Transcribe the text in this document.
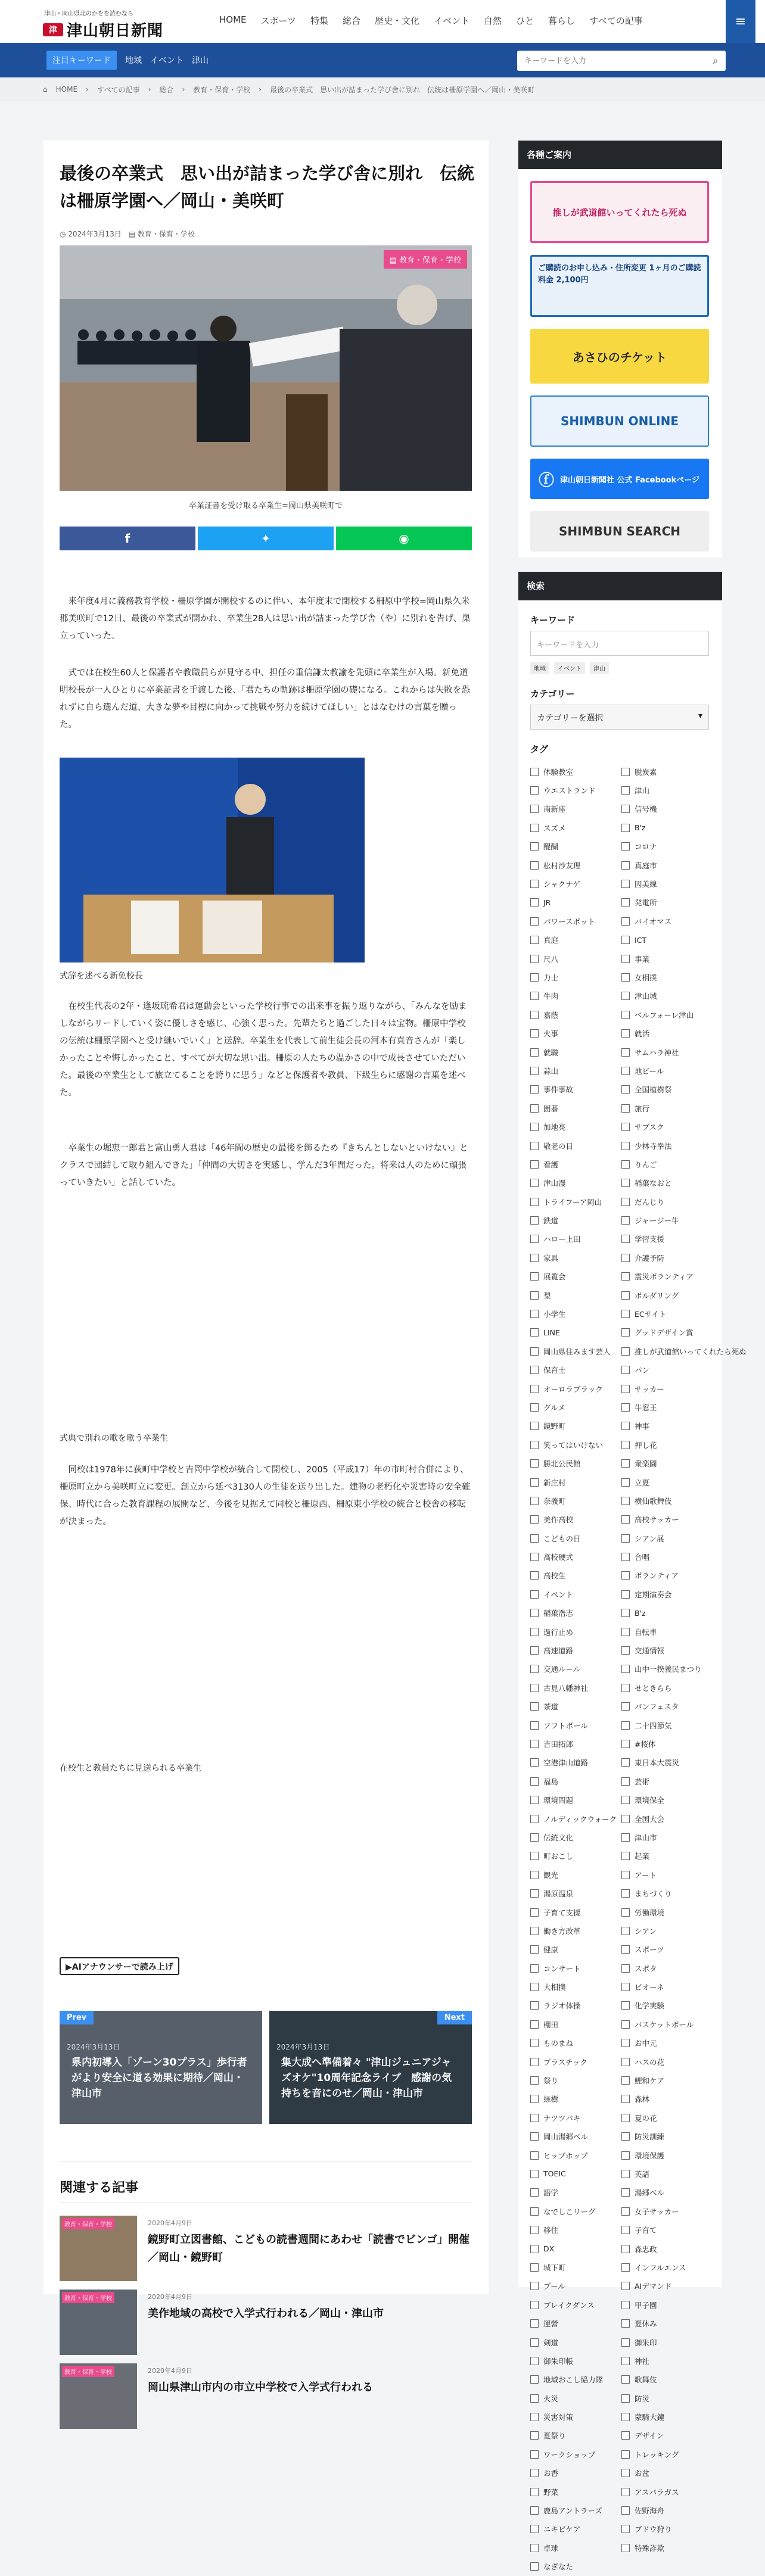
津山・岡山県北のかをを読むなら
津 津山朝日新聞
HOME スポーツ 特集 総合 歴史・文化 イベント 自然 ひと 暮らし すべての記事	≡
注目キーワード	地域 イベント 津山
キーワードを入力	⌕
⌂ HOME › すべての記事 › 総合 › 教育・保育・学校 › 最後の卒業式　思い出が詰まった学び舎に別れ　伝統は柵原学園へ／岡山・美咲町
最後の卒業式　思い出が詰まった学び舎に別れ　伝統は柵原学園へ／岡山・美咲町
◷ 2024年3月13日 ▤ 教育・保育・学校
▤ 教育・保育・学校
卒業証書を受け取る卒業生=岡山県美咲町で
f	✦	◉

来年度4月に義務教育学校・柵原学園が開校するのに伴い、本年度末で閉校する柵原中学校=岡山県久米郡美咲町で12日、最後の卒業式が開かれ、卒業生28人は思い出が詰まった学び舎（や）に別れを告げ、巣立っていった。

式では在校生60人と保護者や教職員らが見守る中、担任の重信謙太教諭を先頭に卒業生が入場。新免道明校長が一人ひとりに卒業証書を手渡した後、「君たちの軌跡は柵原学園の礎になる。これからは失敗を恐れずに自ら選んだ道、大きな夢や目標に向かって挑戦や努力を続けてほしい」とはなむけの言葉を贈った。

式辞を述べる新免校長

在校生代表の2年・逢坂琉希君は運動会といった学校行事での出来事を振り返りながら、「みんなを励ましながらリードしていく姿に優しさを感じ、心強く思った。先輩たちと過ごした日々は宝物。柵原中学校の伝統は柵原学園へと受け継いでいく」と送辞。卒業生を代表して前生徒会長の河本有真音さんが「楽しかったことや悔しかったこと、すべてが大切な思い出。柵原の人たちの温かさの中で成長させていただいた。最後の卒業生として旅立てることを誇りに思う」などと保護者や教員、下級生らに感謝の言葉を述べた。

卒業生の堀恵一郎君と富山勇人君は「46年間の歴史の最後を飾るため『きちんとしないといけない』とクラスで団結して取り組んできた」「仲間の大切さを実感し、学んだ3年間だった。将来は人のために頑張っていきたい」と話していた。

式典で別れの歌を歌う卒業生

同校は1978年に荻町中学校と吉岡中学校が統合して開校し、2005（平成17）年の市町村合併により、柵原町立から美咲町立に変更。創立から延べ3130人の生徒を送り出した。建物の老朽化や災害時の安全確保、時代に合った教育課程の展開など、今後を見据えて同校と柵原西、柵原東小学校の統合と校舎の移転が決まった。

在校生と教員たちに見送られる卒業生
▶AIアナウンサーで読み上げ
Prev
2024年3月13日
県内初導入「ゾーン30プラス」歩行者がより安全に道る効果に期待／岡山・津山市
Next
2024年3月13日
集大成へ準備着々 "津山ジュニアジャズオケ"10周年記念ライブ　感謝の気持ちを音にのせ／岡山・津山市
関連する記事
教育・保育・学校	2020年4月9日
鏡野町立図書館、こどもの読書週間にあわせ「読書でビンゴ」開催／岡山・鏡野町
教育・保育・学校	2020年4月9日
美作地域の高校で入学式行われる／岡山・津山市
教育・保育・学校	2020年4月9日
岡山県津山市内の市立中学校で入学式行われる
各種ご案内
推しが武道館いってくれたら死ぬ
ご購読のお申し込み・住所変更 1ヶ月のご購読料金 2,100円
あさひのチケット
SHIMBUN ONLINE
ⓕ 津山朝日新聞社 公式 Facebookページ
SHIMBUN SEARCH
検索
キーワード
キーワードを入力
地域	イベント	津山
カテゴリー
カテゴリーを選択	▾
タグ
体験教室	脱炭素
ウエストランド	津山
南新座	信号機
スズメ	B'z
醍醐	コロナ
松村沙友理	真庭市
シャクナゲ	因美線
JR	発電所
パワースポット	バイオマス
真庭	ICT
尺八	事業
力士	女相撲
牛肉	津山城
嘉蔭	ベルフォーレ津山
火事	就活
就職	サムハラ神社
蒜山	地ビール
事件事故	全国植樹祭
囲碁	旅行
加地亮	サブスク
敬老の日	少林寺拳法
看護	りんご
津山漫	稲葉なおと
トライフーア岡山	だんじり
鉄道	ジャージー牛
ハロー上田	学習支援
家具	介護予防
展覧会	震災ボランティア
梨	ボルダリング
小学生	ECサイト
LINE	グッドデザイン賞
岡山県住みます芸人	推しが武道館いってくれたら死ぬ
保育士	パン
オーロラブラック	サッカー
グルメ	牛窓王
鏡野町	神事
笑ってはいけない	押し花
勝北公民館	衆楽園
新庄村	立夏
奈義町	横仙歌舞伎
美作高校	高校サッカー
こどもの日	シアン展
高校硬式	合唱
高校生	ボランティア
イベント	定期演奏会
稲葉浩志	B'z
過行止め	自転車
高速道路	交通情報
交通ルール	山中一揆義民まつり
古見八幡神社	せときらら
茶道	パンフェスタ
ソフトボール	二十四節気
吉田拓郎	#桜体
空港津山道路	東日本大震災
福島	芸術
環境問題	環境保全
ノルディックウォーク 全国大会
伝統文化	津山市
町おこし	起業
観光	アート
湯原温泉	まちづくり
子育て支援	労働環境
働き方改革	シアン
健康	スポーツ
コンサート	スポタ
大相撲	ビオーネ
ラジオ体操	化学実験
棚田	バスケットボール
ものまね	お中元
プラスチック	ハスの花
祭り	鯉和ケア
緑樹	森林
ナツツバキ	夏の花
岡山湯郷ベル	防災訓練
ヒップホップ	環境保護
TOEIC	英語
語学	湯郷ベル
なでしこリーグ	女子サッカー
移住	子育て
DX	森忠政
城下町	インフルエンス
プール	AIデマンド
ブレイクダンス	甲子園
運營	夏休み
剣道	御朱印
御朱印帳	神社
地域おこし協力隊	歌舞伎
火災	防災
災害対策	蒙騎大鐘
夏祭り	デザイン
ワークショップ	トレッキング
お香	お盆
野菜	アスパラガス
鹿島アントラーズ	佐野海舟
ニキビケア	ブドウ狩り
卓球	特殊詐欺
なぎなた
